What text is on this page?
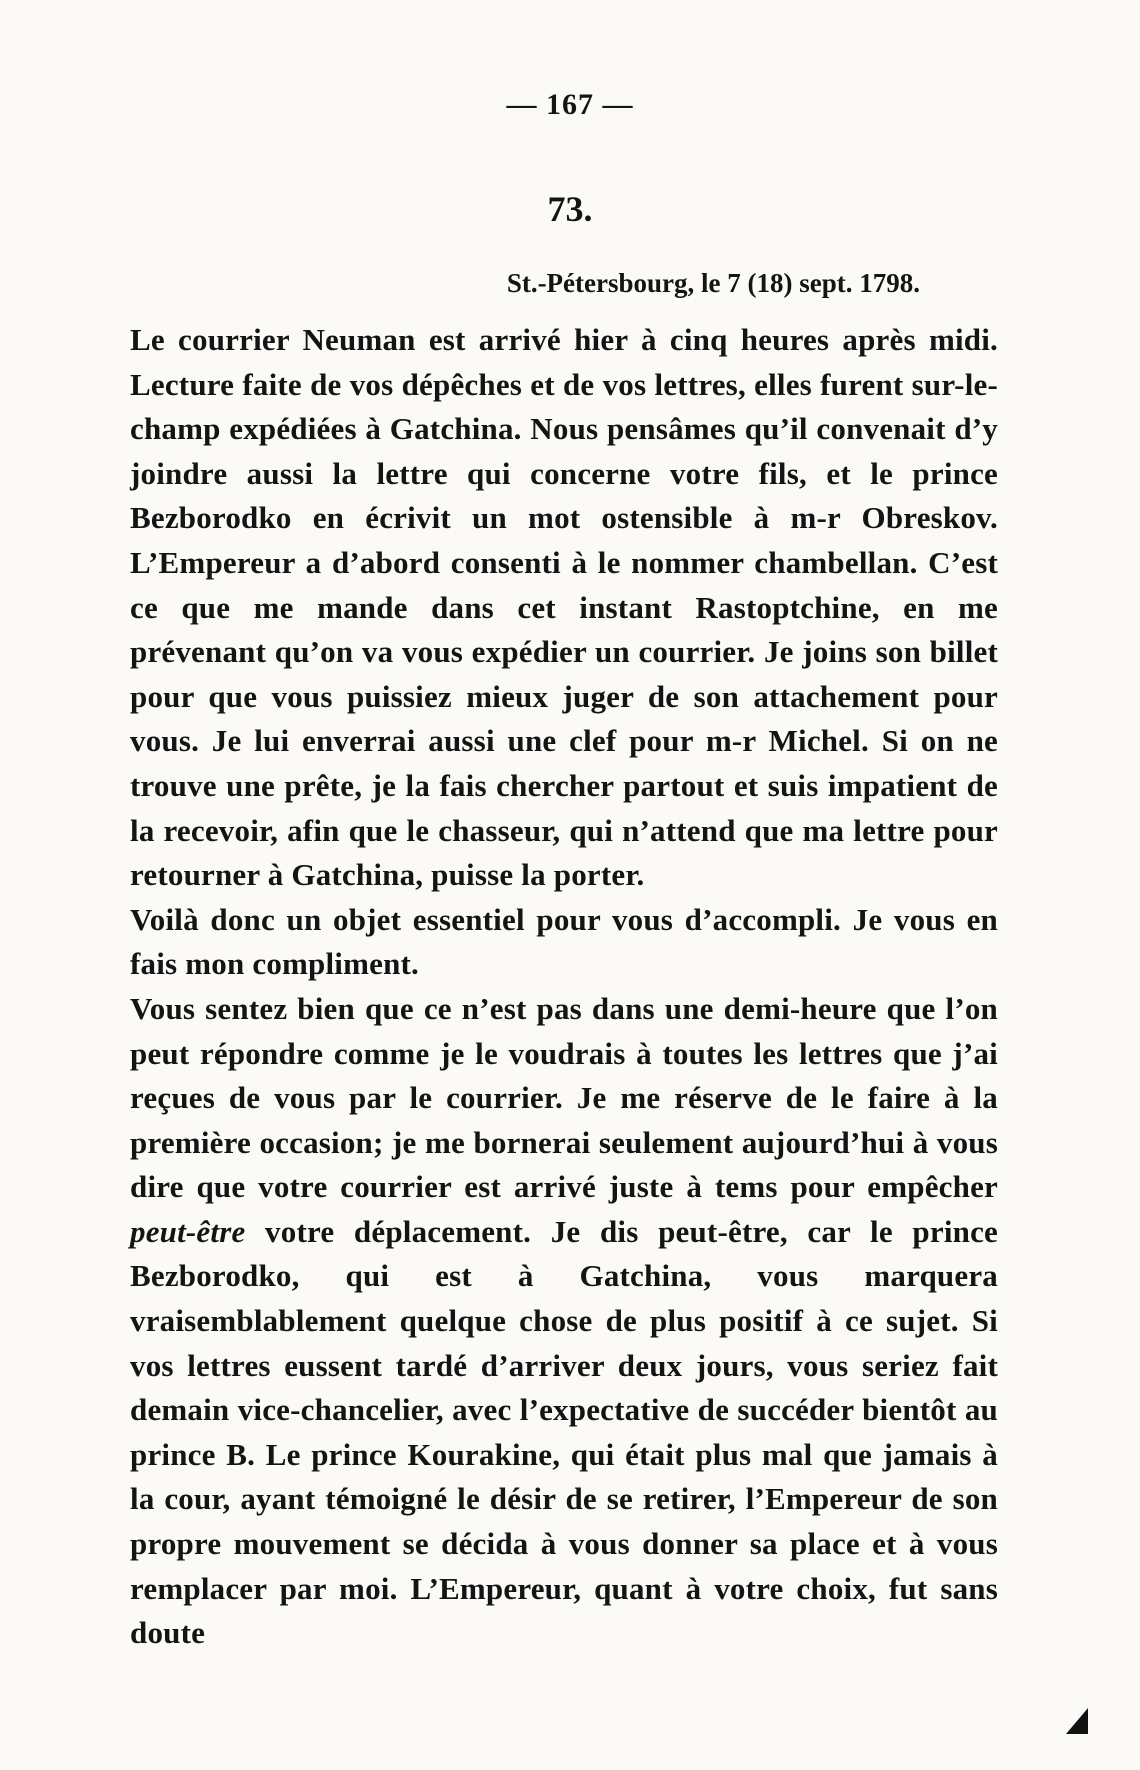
— 167 —
73.
St.-Pétersbourg, le 7 (18) sept. 1798.

Le courrier Neuman est arrivé hier à cinq heures après midi. Lecture faite de vos dépêches et de vos lettres, elles furent sur-le-champ expédiées à Gatchina. Nous pensâmes qu’il convenait d’y joindre aussi la lettre qui concerne votre fils, et le prince Bezborodko en écrivit un mot ostensible à m-r Obreskov. L’Empereur a d’abord consenti à le nommer chambellan. C’est ce que me mande dans cet instant Rastoptchine, en me prévenant qu’on va vous expédier un courrier. Je joins son billet pour que vous puissiez mieux juger de son attachement pour vous. Je lui enverrai aussi une clef pour m-r Michel. Si on ne trouve une prête, je la fais chercher partout et suis impatient de la recevoir, afin que le chasseur, qui n’attend que ma lettre pour retourner à Gatchina, puisse la porter.

Voilà donc un objet essentiel pour vous d’accompli. Je vous en fais mon compliment.

Vous sentez bien que ce n’est pas dans une demi-heure que l’on peut répondre comme je le voudrais à toutes les lettres que j’ai reçues de vous par le courrier. Je me réserve de le faire à la première occasion; je me bornerai seulement aujourd’hui à vous dire que votre courrier est arrivé juste à tems pour empêcher peut-être votre déplacement. Je dis peut-être, car le prince Bezborodko, qui est à Gatchina, vous marquera vraisemblablement quelque chose de plus positif à ce sujet. Si vos lettres eussent tardé d’arriver deux jours, vous seriez fait demain vice-chancelier, avec l’expectative de succéder bientôt au prince B. Le prince Kourakine, qui était plus mal que jamais à la cour, ayant témoigné le désir de se retirer, l’Empereur de son propre mouvement se décida à vous donner sa place et à vous remplacer par moi. L’Empereur, quant à votre choix, fut sans doute
